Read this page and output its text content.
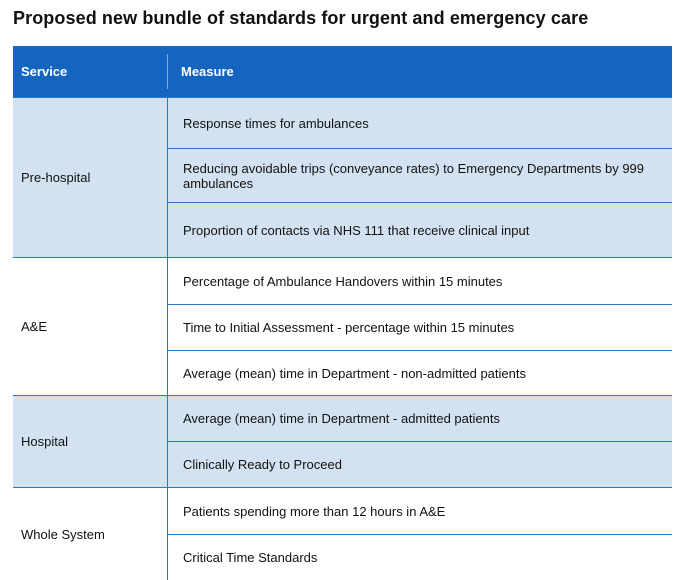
Proposed new bundle of standards for urgent and emergency care
Service	Measure
Pre-hospital
Response times for ambulances
Reducing avoidable trips (conveyance rates) to Emergency Departments by 999 ambulances
Proportion of contacts via NHS 111 that receive clinical input
A&E
Percentage of Ambulance Handovers within 15 minutes
Time to Initial Assessment - percentage within 15 minutes
Average (mean) time in Department - non-admitted patients
Hospital
Average (mean) time in Department - admitted patients
Clinically Ready to Proceed
Whole System
Patients spending more than 12 hours in A&E
Critical Time Standards
